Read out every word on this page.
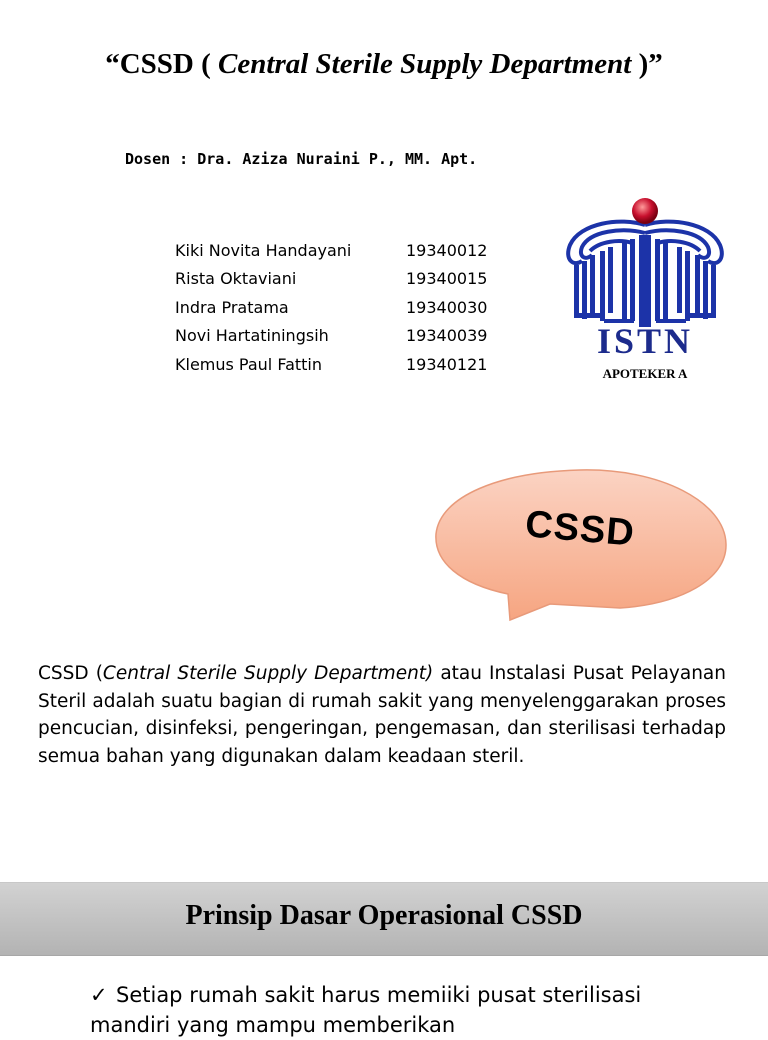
“CSSD ( Central Sterile Supply Department )”
Dosen : Dra. Aziza Nuraini P., MM. Apt.
Kiki Novita Handayani	19340012
Rista Oktaviani	19340015
Indra Pratama	19340030
Novi Hartatiningsih	19340039
Klemus Paul Fattin	19340121
ISTN
APOTEKER A
CSSD
CSSD (Central Sterile Supply Department) atau Instalasi Pusat Pelayanan Steril adalah suatu bagian di rumah sakit yang menyelenggarakan proses pencucian, disinfeksi, pengeringan, pengemasan, dan sterilisasi terhadap semua bahan yang digunakan dalam keadaan steril.
Prinsip Dasar Operasional CSSD
✓ Setiap rumah sakit harus memiiki pusat sterilisasi mandiri yang mampu memberikan
